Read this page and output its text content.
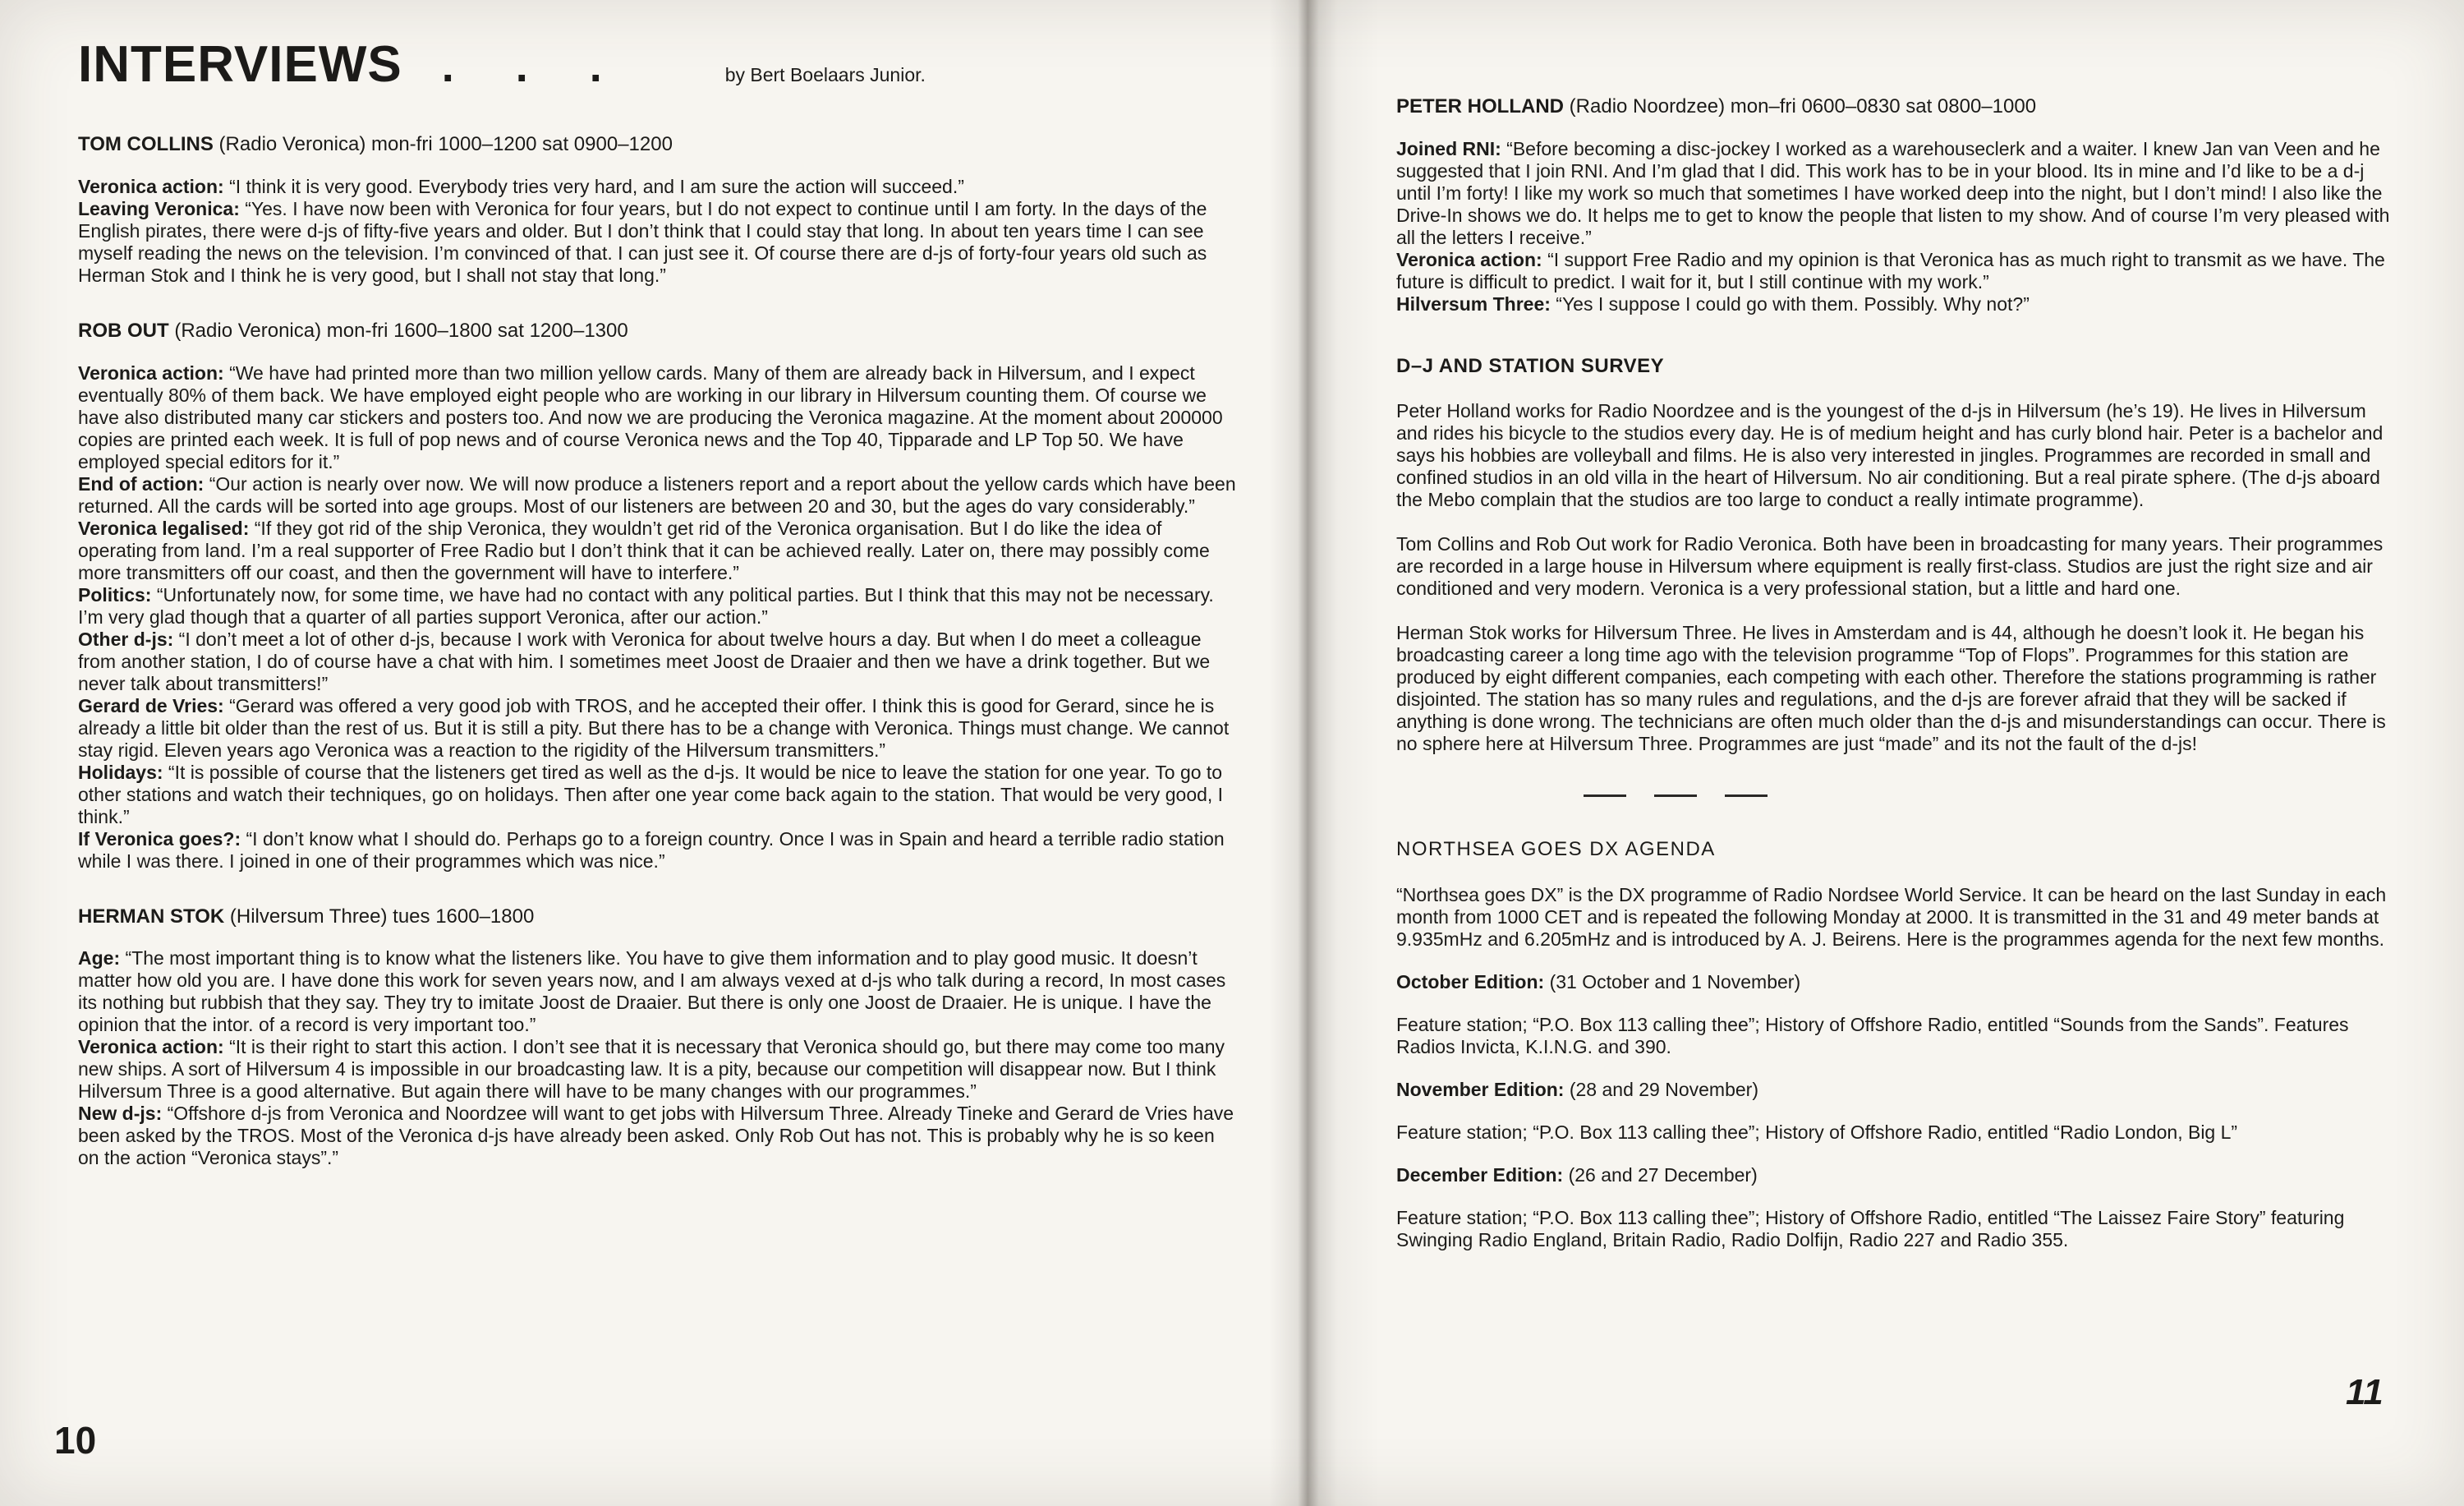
INTERVIEWS . . .	by Bert Boelaars Junior.
TOM COLLINS (Radio Veronica) mon-fri 1000–1200 sat 0900–1200

Veronica action: “I think it is very good. Everybody tries very hard, and I am sure the action will succeed.”

Leaving Veronica: “Yes. I have now been with Veronica for four years, but I do not expect to continue until I am forty. In the days of the English pirates, there were d-js of fifty-five years and older. But I don’t think that I could stay that long. In about ten years time I can see myself reading the news on the television. I’m convinced of that. I can just see it. Of course there are d-js of forty-four years old such as Herman Stok and I think he is very good, but I shall not stay that long.”

ROB OUT (Radio Veronica) mon-fri 1600–1800 sat 1200–1300

Veronica action: “We have had printed more than two million yellow cards. Many of them are already back in Hilversum, and I expect eventually 80% of them back. We have employed eight people who are working in our library in Hilversum counting them. Of course we have also distributed many car stickers and posters too. And now we are producing the Veronica magazine. At the moment about 200000 copies are printed each week. It is full of pop news and of course Veronica news and the Top 40, Tipparade and LP Top 50. We have employed special editors for it.”

End of action: “Our action is nearly over now. We will now produce a listeners report and a report about the yellow cards which have been returned. All the cards will be sorted into age groups. Most of our listeners are between 20 and 30, but the ages do vary considerably.”

Veronica legalised: “If they got rid of the ship Veronica, they wouldn’t get rid of the Veronica organisation. But I do like the idea of operating from land. I’m a real supporter of Free Radio but I don’t think that it can be achieved really. Later on, there may possibly come more transmitters off our coast, and then the government will have to interfere.”

Politics: “Unfortunately now, for some time, we have had no contact with any political parties. But I think that this may not be necessary. I’m very glad though that a quarter of all parties support Veronica, after our action.”

Other d-js: “I don’t meet a lot of other d-js, because I work with Veronica for about twelve hours a day. But when I do meet a colleague from another station, I do of course have a chat with him. I sometimes meet Joost de Draaier and then we have a drink together. But we never talk about transmitters!”

Gerard de Vries: “Gerard was offered a very good job with TROS, and he accepted their offer. I think this is good for Gerard, since he is already a little bit older than the rest of us. But it is still a pity. But there has to be a change with Veronica. Things must change. We cannot stay rigid. Eleven years ago Veronica was a reaction to the rigidity of the Hilversum transmitters.”

Holidays: “It is possible of course that the listeners get tired as well as the d-js. It would be nice to leave the station for one year. To go to other stations and watch their techniques, go on holidays. Then after one year come back again to the station. That would be very good, I think.”

If Veronica goes?: “I don’t know what I should do. Perhaps go to a foreign country. Once I was in Spain and heard a terrible radio station while I was there. I joined in one of their programmes which was nice.”

HERMAN STOK (Hilversum Three) tues 1600–1800

Age: “The most important thing is to know what the listeners like. You have to give them information and to play good music. It doesn’t matter how old you are. I have done this work for seven years now, and I am always vexed at d-js who talk during a record, In most cases its nothing but rubbish that they say. They try to imitate Joost de Draaier. But there is only one Joost de Draaier. He is unique. I have the opinion that the intor. of a record is very important too.”

Veronica action: “It is their right to start this action. I don’t see that it is necessary that Veronica should go, but there may come too many new ships. A sort of Hilversum 4 is impossible in our broadcasting law. It is a pity, because our competition will disappear now. But I think Hilversum Three is a good alternative. But again there will have to be many changes with our programmes.”

New d-js: “Offshore d-js from Veronica and Noordzee will want to get jobs with Hilversum Three. Already Tineke and Gerard de Vries have been asked by the TROS. Most of the Veronica d-js have already been asked. Only Rob Out has not. This is probably why he is so keen on the action “Veronica stays”.”

PETER HOLLAND (Radio Noordzee) mon–fri 0600–0830 sat 0800–1000

Joined RNI: “Before becoming a disc-jockey I worked as a warehouseclerk and a waiter. I knew Jan van Veen and he suggested that I join RNI. And I’m glad that I did. This work has to be in your blood. Its in mine and I’d like to be a d-j until I’m forty! I like my work so much that sometimes I have worked deep into the night, but I don’t mind! I also like the Drive-In shows we do. It helps me to get to know the people that listen to my show. And of course I’m very pleased with all the letters I receive.”

Veronica action: “I support Free Radio and my opinion is that Veronica has as much right to transmit as we have. The future is difficult to predict. I wait for it, but I still continue with my work.”

Hilversum Three: “Yes I suppose I could go with them. Possibly. Why not?”

D–J AND STATION SURVEY

Peter Holland works for Radio Noordzee and is the youngest of the d-js in Hilversum (he’s 19). He lives in Hilversum and rides his bicycle to the studios every day. He is of medium height and has curly blond hair. Peter is a bachelor and says his hobbies are volleyball and films. He is also very interested in jingles. Programmes are recorded in small and confined studios in an old villa in the heart of Hilversum. No air conditioning. But a real pirate sphere. (The d-js aboard the Mebo complain that the studios are too large to conduct a really intimate programme).

Tom Collins and Rob Out work for Radio Veronica. Both have been in broadcasting for many years. Their programmes are recorded in a large house in Hilversum where equipment is really first-class. Studios are just the right size and air conditioned and very modern. Veronica is a very professional station, but a little and hard one.

Herman Stok works for Hilversum Three. He lives in Amsterdam and is 44, although he doesn’t look it. He began his broadcasting career a long time ago with the television programme “Top of Flops”. Programmes for this station are produced by eight different companies, each competing with each other. Therefore the stations programming is rather disjointed. The station has so many rules and regulations, and the d-js are forever afraid that they will be sacked if anything is done wrong. The technicians are often much older than the d-js and misunderstandings can occur. There is no sphere here at Hilversum Three. Programmes are just “made” and its not the fault of the d-js!

NORTHSEA GOES DX AGENDA

“Northsea goes DX” is the DX programme of Radio Nordsee World Service. It can be heard on the last Sunday in each month from 1000 CET and is repeated the following Monday at 2000. It is transmitted in the 31 and 49 meter bands at 9.935mHz and 6.205mHz and is introduced by A. J. Beirens. Here is the programmes agenda for the next few months.

October Edition: (31 October and 1 November)

Feature station; “P.O. Box 113 calling thee”; History of Offshore Radio, entitled “Sounds from the Sands”. Features Radios Invicta, K.I.N.G. and 390.

November Edition: (28 and 29 November)

Feature station; “P.O. Box 113 calling thee”; History of Offshore Radio, entitled “Radio London, Big L”

December Edition: (26 and 27 December)

Feature station; “P.O. Box 113 calling thee”; History of Offshore Radio, entitled “The Laissez Faire Story” featuring Swinging Radio England, Britain Radio, Radio Dolfijn, Radio 227 and Radio 355.

10
11
